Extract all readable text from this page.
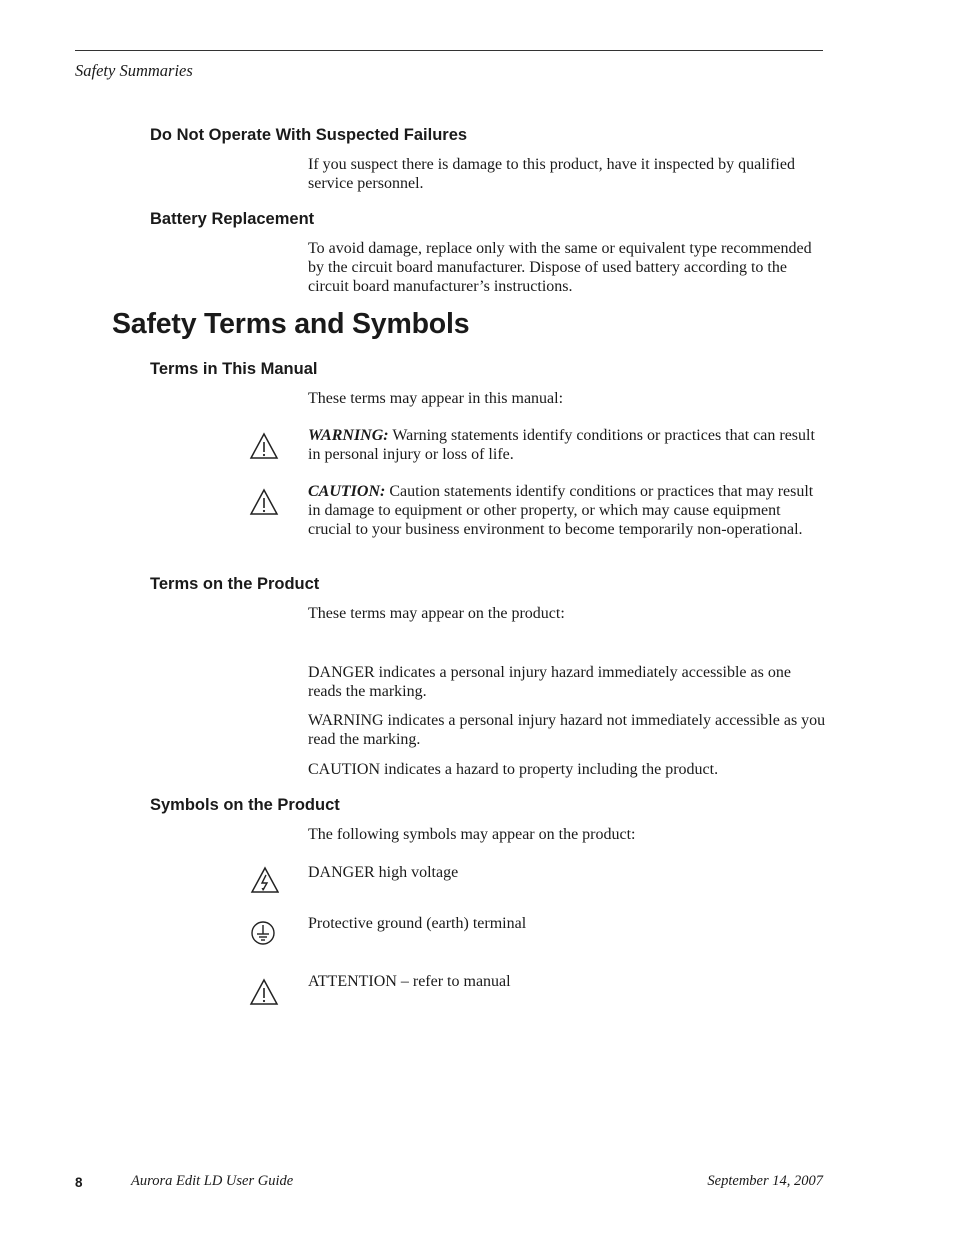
Safety Summaries
Do Not Operate With Suspected Failures
If you suspect there is damage to this product, have it inspected by qualified service personnel.
Battery Replacement
To avoid damage, replace only with the same or equivalent type recommended by the circuit board manufacturer. Dispose of used battery according to the circuit board manufacturer’s instructions.
Safety Terms and Symbols
Terms in This Manual
These terms may appear in this manual:
WARNING: Warning statements identify conditions or practices that can result in personal injury or loss of life.
CAUTION: Caution statements identify conditions or practices that may result in damage to equipment or other property, or which may cause equipment crucial to your business environment to become temporarily non-operational.
Terms on the Product
These terms may appear on the product:
DANGER indicates a personal injury hazard immediately accessible as one reads the marking.
WARNING indicates a personal injury hazard not immediately accessible as you read the marking.
CAUTION indicates a hazard to property including the product.
Symbols on the Product
The following symbols may appear on the product:
DANGER high voltage
Protective ground (earth) terminal
ATTENTION – refer to manual
8	Aurora Edit LD User Guide	September 14, 2007
